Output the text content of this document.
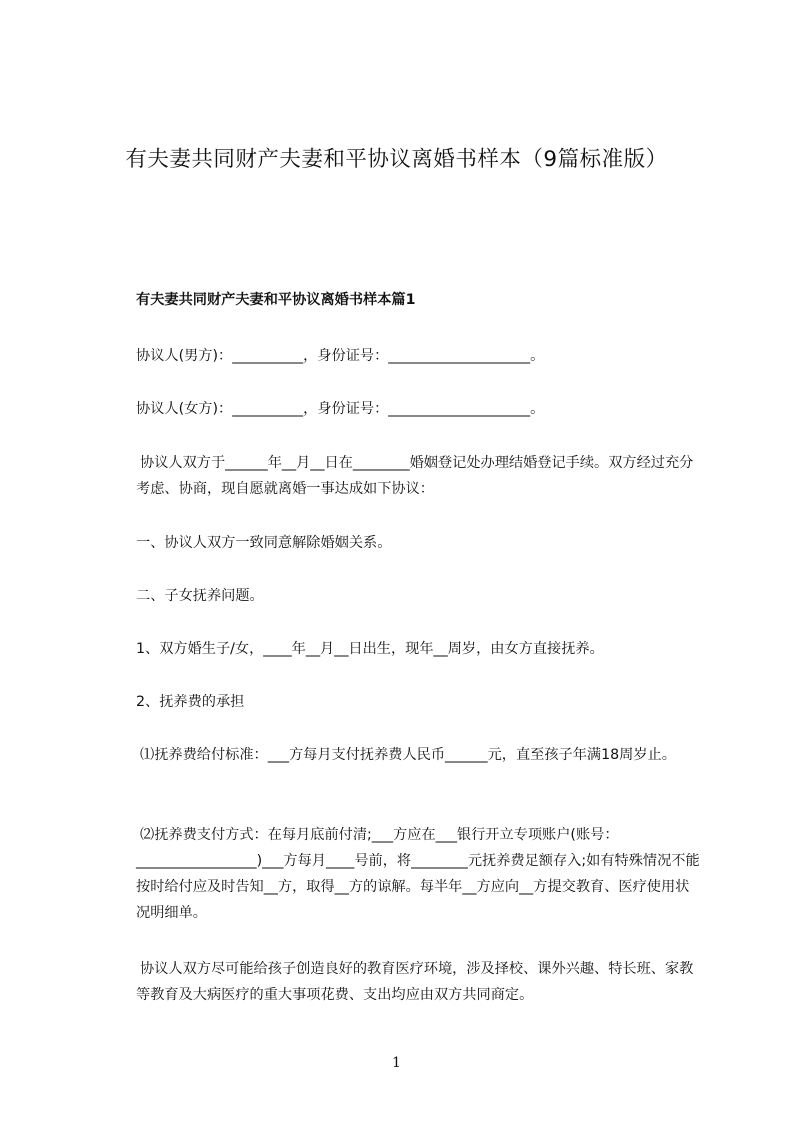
有夫妻共同财产夫妻和平协议离婚书样本（9篇标准版）
有夫妻共同财产夫妻和平协议离婚书样本篇1
协议人(男方)：__________，身份证号：____________________。
协议人(女方)：__________，身份证号：____________________。
协议人双方于______年__月__日在________婚姻登记处办理结婚登记手续。双方经过充分考虑、协商，现自愿就离婚一事达成如下协议：
一、协议人双方一致同意解除婚姻关系。
二、子女抚养问题。
1、双方婚生子/女，____年__月__日出生，现年__周岁，由女方直接抚养。
2、抚养费的承担
⑴抚养费给付标准：___方每月支付抚养费人民币______元，直至孩子年满18周岁止。
⑵抚养费支付方式：在每月底前付清;___方应在___银行开立专项账户(账号：_________________)___方每月____号前，将________元抚养费足额存入;如有特殊情况不能按时给付应及时告知__方，取得__方的谅解。每半年__方应向__方提交教育、医疗使用状况明细单。
协议人双方尽可能给孩子创造良好的教育医疗环境，涉及择校、课外兴趣、特长班、家教等教育及大病医疗的重大事项花费、支出均应由双方共同商定。
1
